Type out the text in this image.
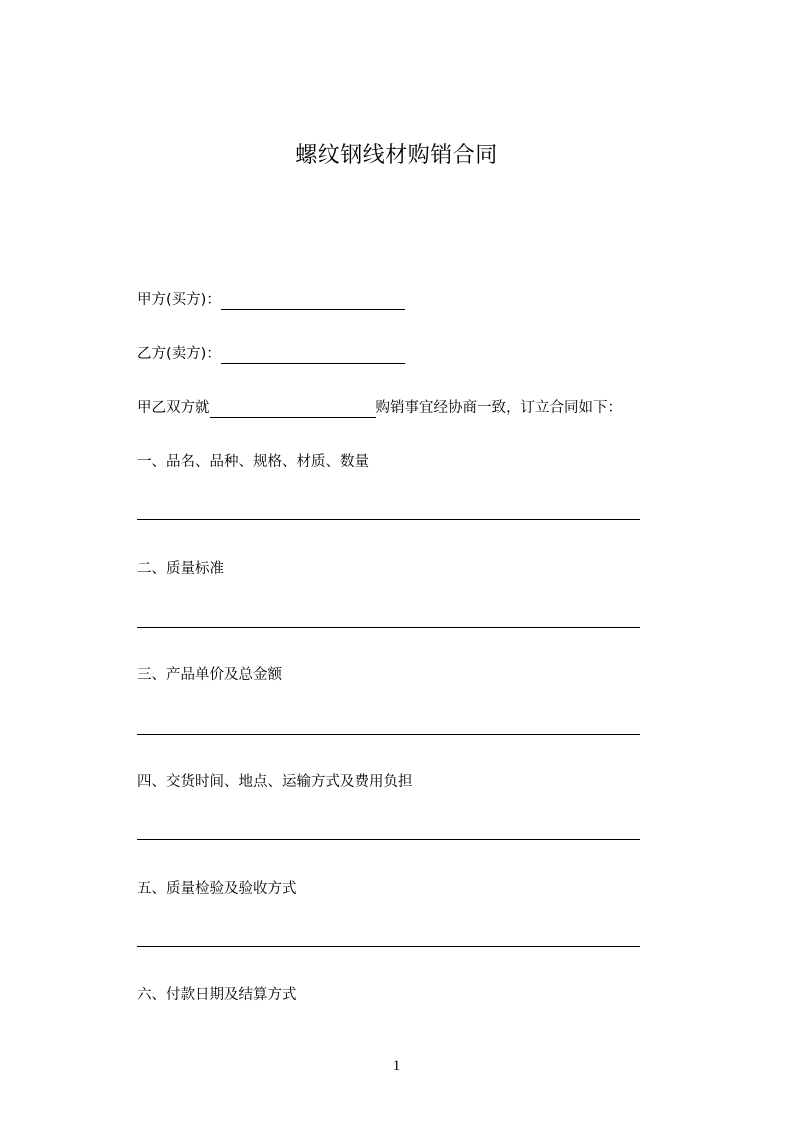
螺纹钢线材购销合同
甲方(买方)：
乙方(卖方)：
甲乙双方就	购销事宜经协商一致，订立合同如下：
一、品名、品种、规格、材质、数量
二、质量标准
三、产品单价及总金额
四、交货时间、地点、运输方式及费用负担
五、质量检验及验收方式
六、付款日期及结算方式
1
